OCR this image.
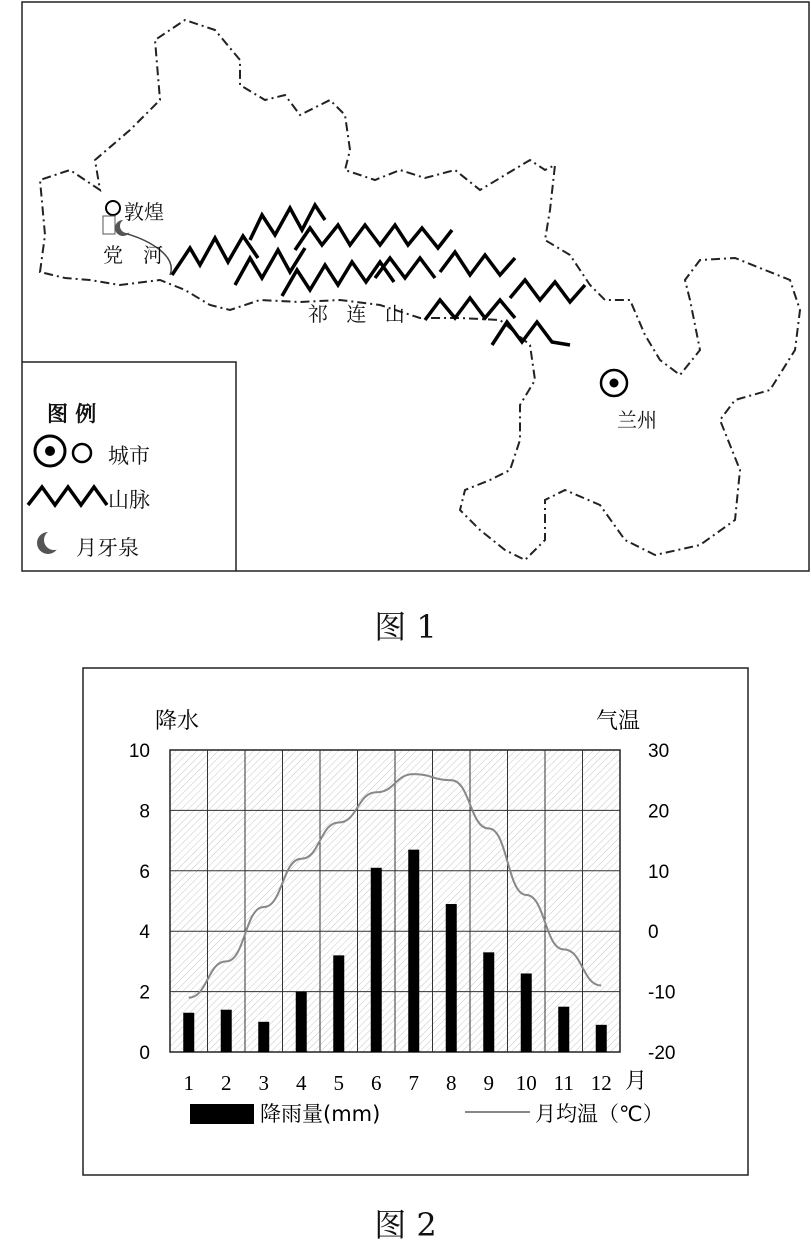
敦煌
党　河
祁 连 山
兰州
图 例
城市
山脉
月牙泉
图 1
0
2
4
6
8
10
-20
-10
0
10
20
30
降水	气温
1 2 3 4 5 6 7 8 9 10 11 12 月
降雨量(mm)	月均温（℃）
图 2
